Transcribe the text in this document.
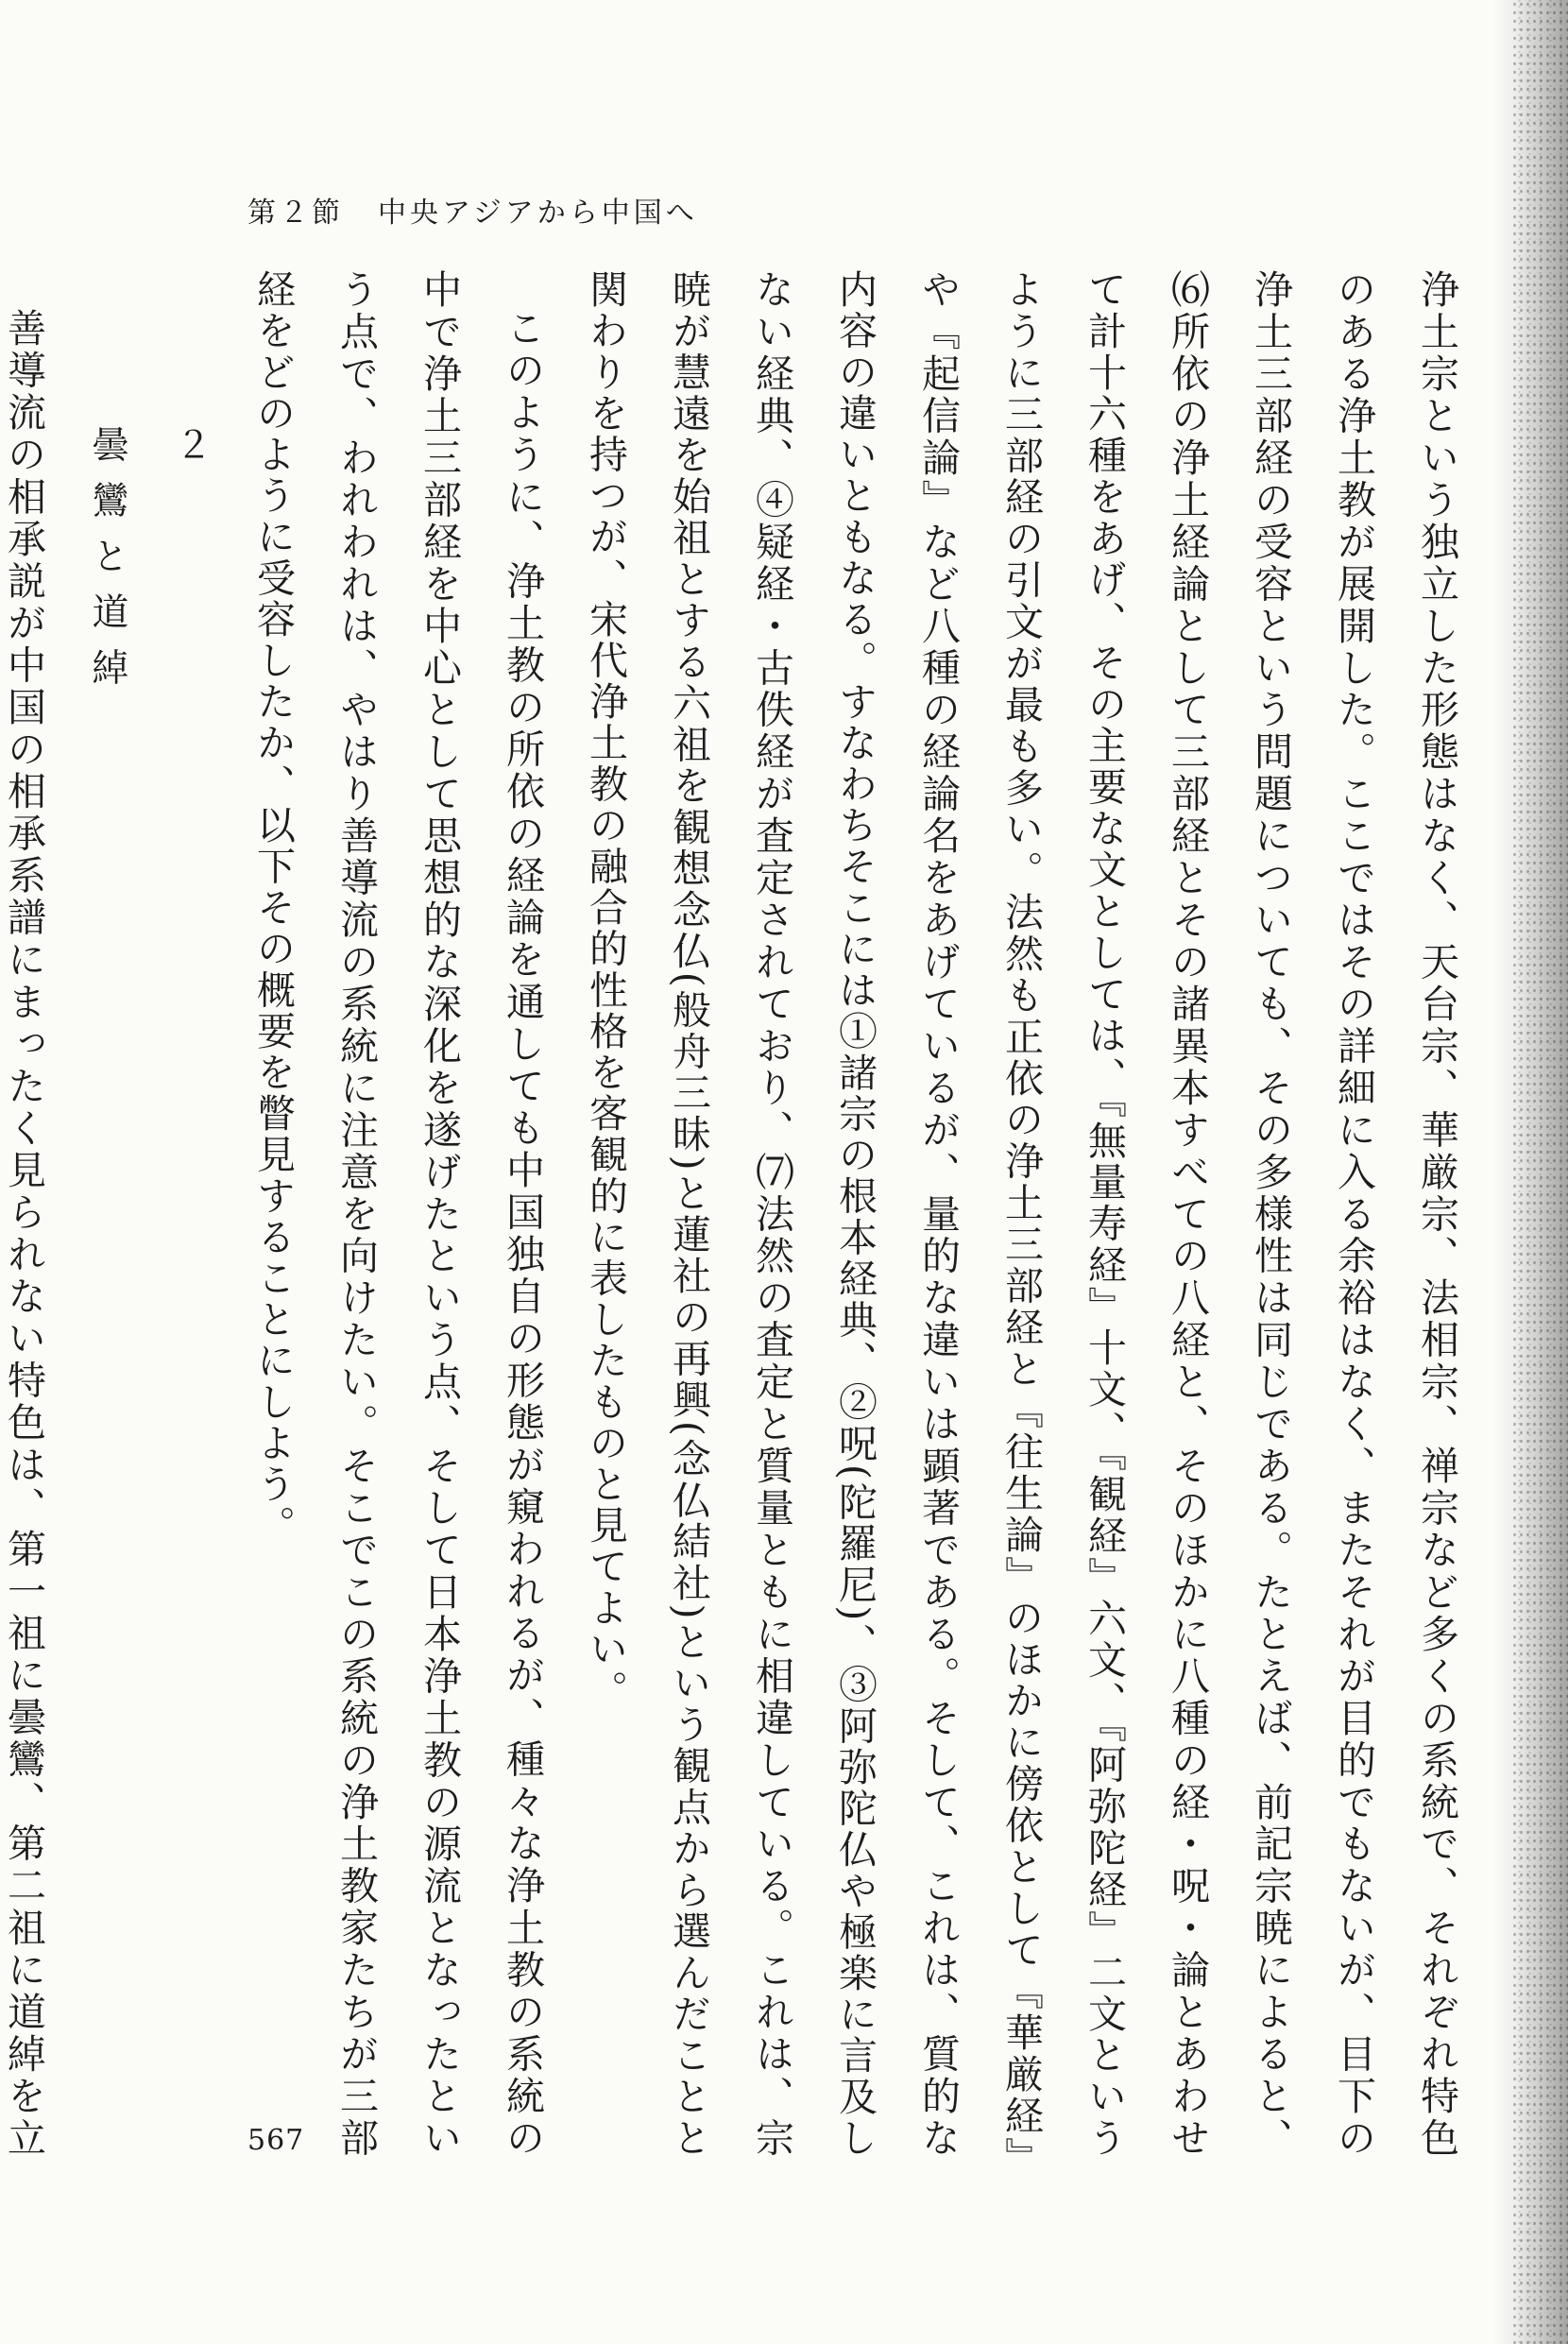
第２節 中央アジアから中国へ

浄土宗という独立した形態はなく、天台宗、華厳宗、法相宗、禅宗など多くの系統で、それぞれ特色のある浄土教が展開した。ここではその詳細に入る余裕はなく、またそれが目的でもないが、目下の浄土三部経の受容という問題についても、その多様性は同じである。たとえば、前記宗暁によると、⑹所依の浄土経論として三部経とその諸異本すべての八経と、そのほかに八種の経・呪・論とあわせて計十六種をあげ、その主要な文としては、『無量寿経』十文、『観経』六文、『阿弥陀経』二文というように三部経の引文が最も多い。法然も正依の浄土三部経と『往生論』のほかに傍依として『華厳経』や『起信論』など八種の経論名をあげているが、量的な違いは顕著である。そして、これは、質的な内容の違いともなる。すなわちそこには①諸宗の根本経典、②呪(陀羅尼)、③阿弥陀仏や極楽に言及しない経典、④疑経・古佚経が査定されており、⑺法然の査定と質量ともに相違している。これは、宗暁が慧遠を始祖とする六祖を観想念仏(般舟三昧)と蓮社の再興(念仏結社)という観点から選んだことと関わりを持つが、宋代浄土教の融合的性格を客観的に表したものと見てよい。

このように、浄土教の所依の経論を通しても中国独自の形態が窺われるが、種々な浄土教の系統の中で浄土三部経を中心として思想的な深化を遂げたという点、そして日本浄土教の源流となったという点で、われわれは、やはり善導流の系統に注意を向けたい。そこでこの系統の浄土教家たちが三部経をどのように受容したか、以下その概要を瞥見することにしよう。

２
曇鸞と道綽

善導流の相承説が中国の相承系譜にまったく見られない特色は、第一祖に曇鸞、第二祖に道綽を立	567
